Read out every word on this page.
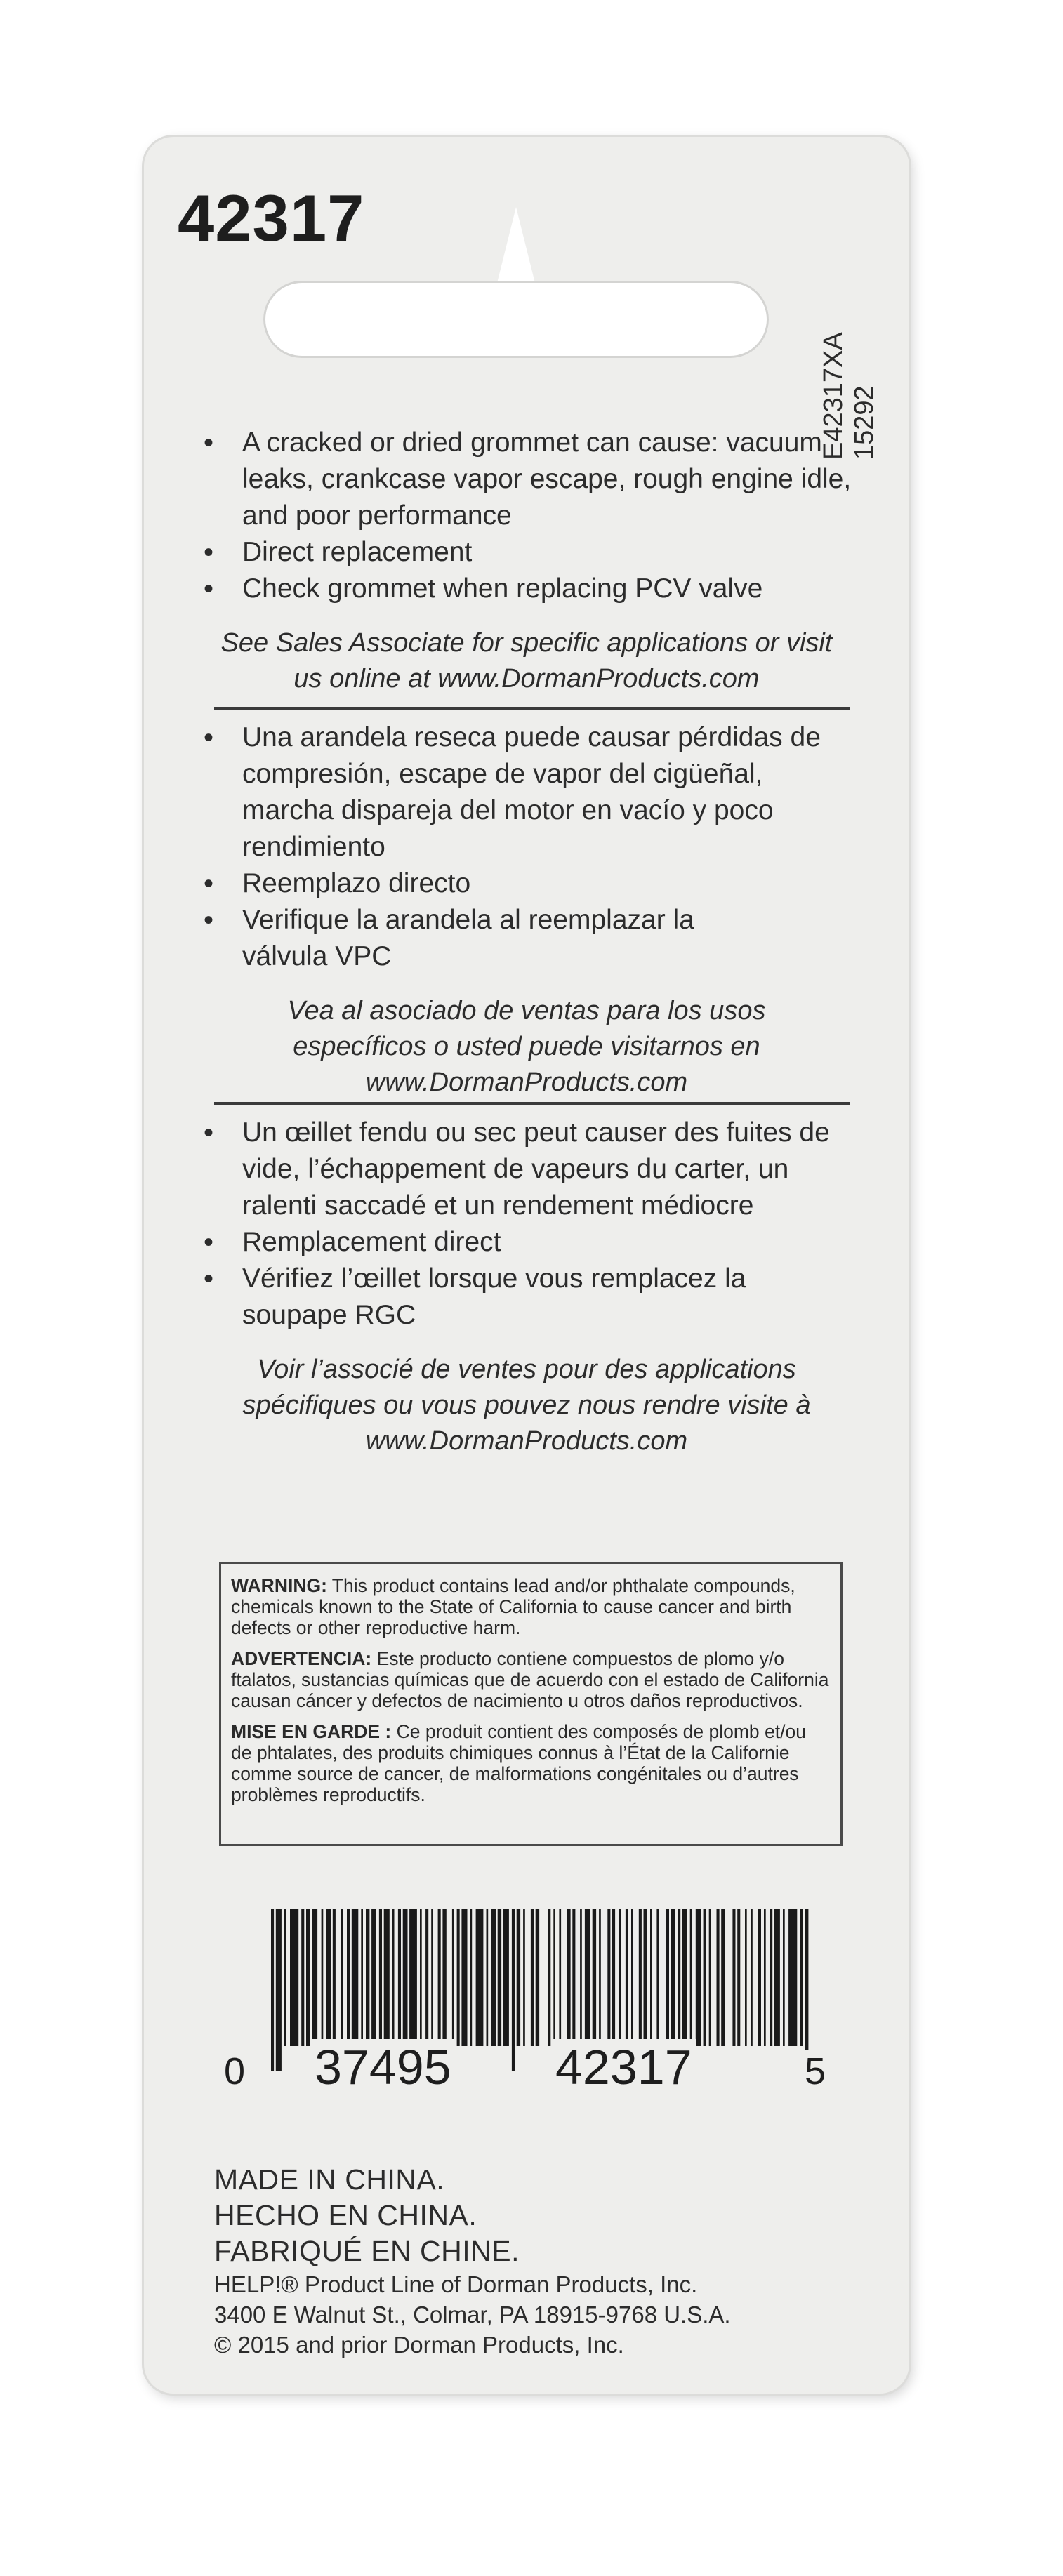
42317
E42317XA 15292
• A cracked or dried grommet can cause: vacuum leaks, crankcase vapor escape, rough engine idle, and poor performance
• Direct replacement
• Check grommet when replacing PCV valve

See Sales Associate for specific applications or visit us online at www.DormanProducts.com

• Una arandela reseca puede causar pérdidas de compresión, escape de vapor del cigüeñal, marcha dispareja del motor en vacío y poco rendimiento
• Reemplazo directo
• Verifique la arandela al reemplazar la válvula VPC

Vea al asociado de ventas para los usos específicos o usted puede visitarnos en www.DormanProducts.com

• Un œillet fendu ou sec peut causer des fuites de vide, l’échappement de vapeurs du carter, un ralenti saccadé et un rendement médiocre
• Remplacement direct
• Vérifiez l’œillet lorsque vous remplacez la soupape RGC

Voir l’associé de ventes pour des applications spécifiques ou vous pouvez nous rendre visite à www.DormanProducts.com

WARNING: This product contains lead and/or phthalate compounds, chemicals known to the State of California to cause cancer and birth defects or other reproductive harm.

ADVERTENCIA: Este producto contiene compuestos de plomo y/o ftalatos, sustancias químicas que de acuerdo con el estado de California causan cáncer y defectos de nacimiento u otros daños reproductivos.

MISE EN GARDE : Ce produit contient des composés de plomb et/ou de phtalates, des produits chimiques connus à l’État de la Californie comme source de cancer, de malformations congénitales ou d’autres problèmes reproductifs.

0 37495 42317	5
MADE IN CHINA.
HECHO EN CHINA.
FABRIQUÉ EN CHINE.
HELP!® Product Line of Dorman Products, Inc.
3400 E Walnut St., Colmar, PA 18915-9768 U.S.A.
© 2015 and prior Dorman Products, Inc.
